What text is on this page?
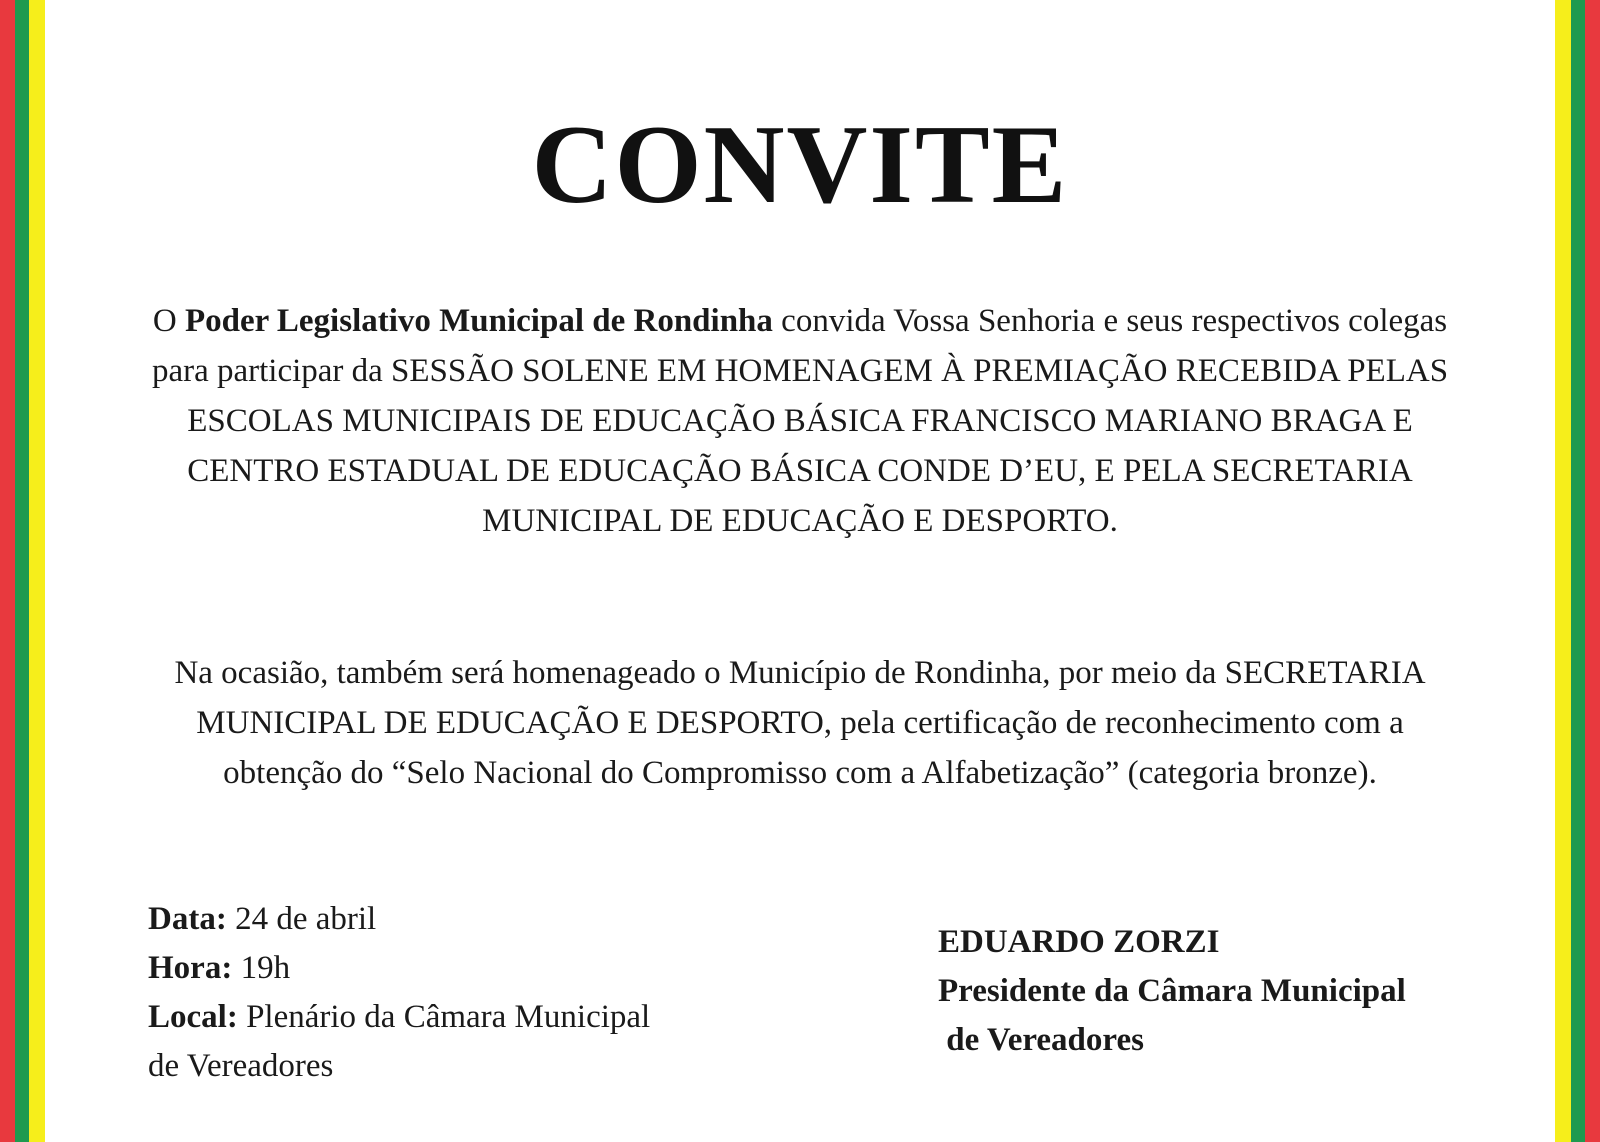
CONVITE

O Poder Legislativo Municipal de Rondinha convida Vossa Senhoria e seus respectivos colegas para participar da SESSÃO SOLENE EM HOMENAGEM À PREMIAÇÃO RECEBIDA PELAS ESCOLAS MUNICIPAIS DE EDUCAÇÃO BÁSICA FRANCISCO MARIANO BRAGA E CENTRO ESTADUAL DE EDUCAÇÃO BÁSICA CONDE D’EU, E PELA SECRETARIA MUNICIPAL DE EDUCAÇÃO E DESPORTO.

Na ocasião, também será homenageado o Município de Rondinha, por meio da SECRETARIA MUNICIPAL DE EDUCAÇÃO E DESPORTO, pela certificação de reconhecimento com a obtenção do “Selo Nacional do Compromisso com a Alfabetização” (categoria bronze).

Data: 24 de abril
Hora: 19h
Local: Plenário da Câmara Municipal
de Vereadores
EDUARDO ZORZI
Presidente da Câmara Municipal
de Vereadores
